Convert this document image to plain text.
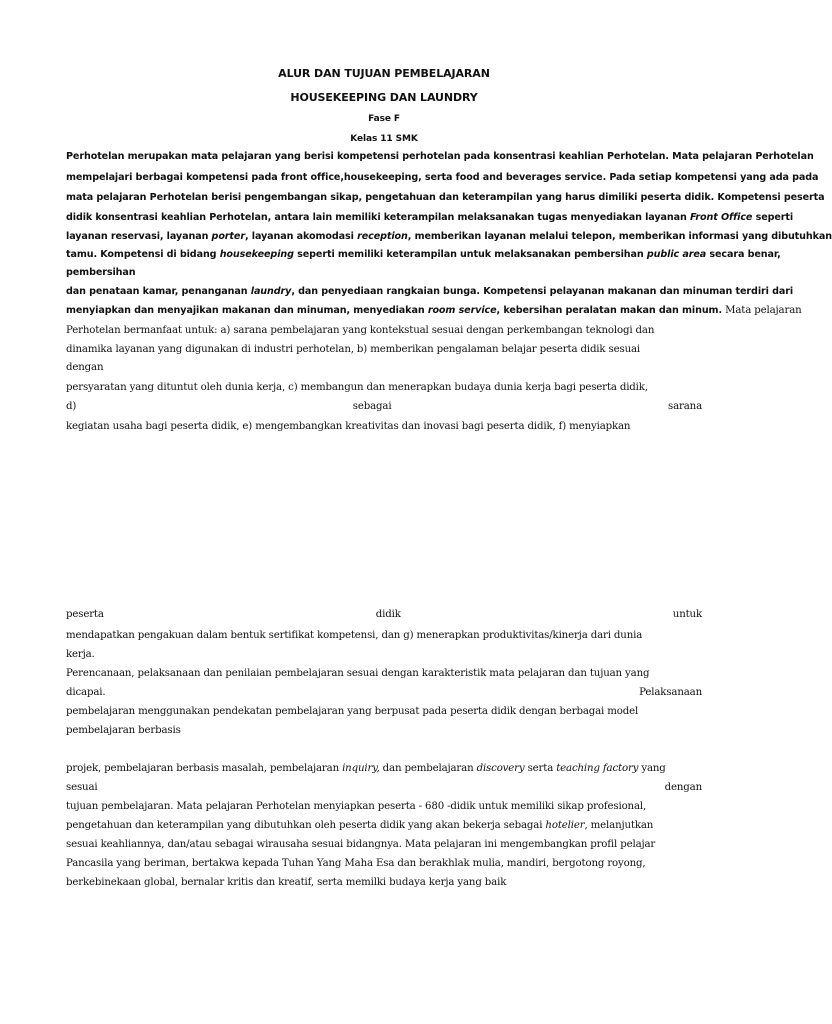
ALUR DAN TUJUAN PEMBELAJARAN
HOUSEKEEPING DAN LAUNDRY
Fase F
Kelas 11 SMK
Perhotelan merupakan mata pelajaran yang berisi kompetensi perhotelan pada konsentrasi keahlian Perhotelan. Mata pelajaran Perhotelan
mempelajari berbagai kompetensi pada front office,housekeeping, serta food and beverages service. Pada setiap kompetensi yang ada pada
mata pelajaran Perhotelan berisi pengembangan sikap, pengetahuan dan keterampilan yang harus dimiliki peserta didik. Kompetensi peserta
didik konsentrasi keahlian Perhotelan, antara lain memiliki keterampilan melaksanakan tugas menyediakan layanan Front Office seperti
layanan reservasi, layanan porter, layanan akomodasi reception, memberikan layanan melalui telepon, memberikan informasi yang dibutuhkan
tamu. Kompetensi di bidang housekeeping seperti memiliki keterampilan untuk melaksanakan pembersihan public area secara benar,
pembersihan
dan penataan kamar, penanganan laundry, dan penyediaan rangkaian bunga. Kompetensi pelayanan makanan dan minuman terdiri dari
menyiapkan dan menyajikan makanan dan minuman, menyediakan room service, kebersihan peralatan makan dan minum. Mata pelajaran
Perhotelan bermanfaat untuk: a) sarana pembelajaran yang kontekstual sesuai dengan perkembangan teknologi dan
dinamika layanan yang digunakan di industri perhotelan, b) memberikan pengalaman belajar peserta didik sesuai
dengan
persyaratan yang dituntut oleh dunia kerja, c) membangun dan menerapkan budaya dunia kerja bagi peserta didik,
d)	sebagai	sarana
kegiatan usaha bagi peserta didik, e) mengembangkan kreativitas dan inovasi bagi peserta didik, f) menyiapkan
peserta	didik	untuk
mendapatkan pengakuan dalam bentuk sertifikat kompetensi, dan g) menerapkan produktivitas/kinerja dari dunia
kerja.
Perencanaan, pelaksanaan dan penilaian pembelajaran sesuai dengan karakteristik mata pelajaran dan tujuan yang
dicapai.	Pelaksanaan
pembelajaran menggunakan pendekatan pembelajaran yang berpusat pada peserta didik dengan berbagai model
pembelajaran berbasis
projek, pembelajaran berbasis masalah, pembelajaran inquiry, dan pembelajaran discovery serta teaching factory yang
sesuai	dengan
tujuan pembelajaran. Mata pelajaran Perhotelan menyiapkan peserta - 680 -didik untuk memiliki sikap profesional,
pengetahuan dan keterampilan yang dibutuhkan oleh peserta didik yang akan bekerja sebagai hotelier, melanjutkan
sesuai keahliannya, dan/atau sebagai wirausaha sesuai bidangnya. Mata pelajaran ini mengembangkan profil pelajar
Pancasila yang beriman, bertakwa kepada Tuhan Yang Maha Esa dan berakhlak mulia, mandiri, bergotong royong,
berkebinekaan global, bernalar kritis dan kreatif, serta memilki budaya kerja yang baik
